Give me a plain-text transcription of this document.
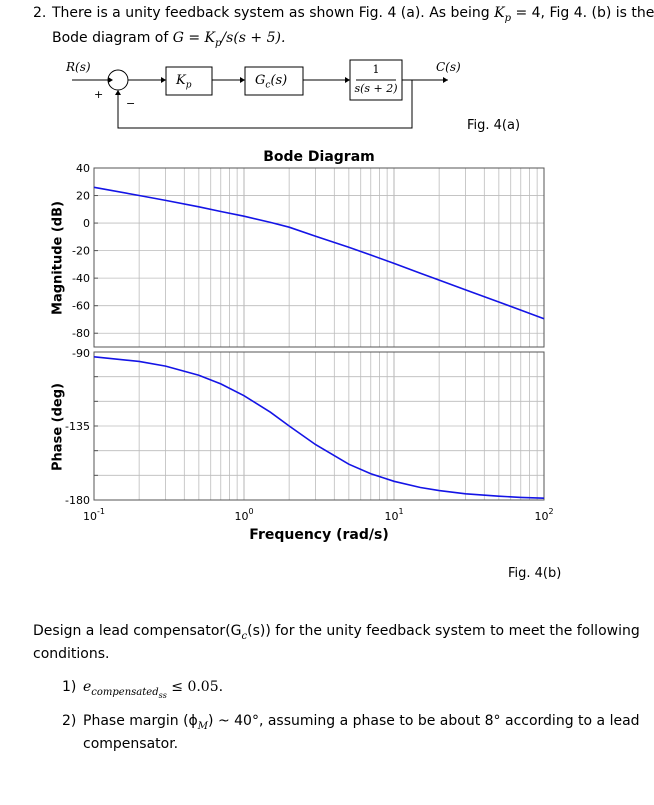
2. There is a unity feedback system as shown Fig. 4 (a). As being $K_p = 4$, Fig 4. (b) is the
Bode diagram of $G = K_p/s(s + 5)$.
R(s)
+
−
$K_p$	$G_c(s)$
1
s(s + 2)
C(s)
Fig. 4(a)
Bode Diagram
Magnitude (dB)
Phase (deg)
40
20
0
-20
-40
-60
-80
-135
-180
-90
$10^{-1}$	$10^0$	$10^1$	$10^2$
Frequency (rad/s)
Fig. 4(b)
Design a lead $compensator(G_c(s))$ for the unity feedback system to meet the following
conditions.
1) $e_{compensated_{ss}} \le 0.05$.
2) Phase margin $(\phi_M)$ ~ 40°, assuming a phase to be about 8° according to a lead
compensator.
